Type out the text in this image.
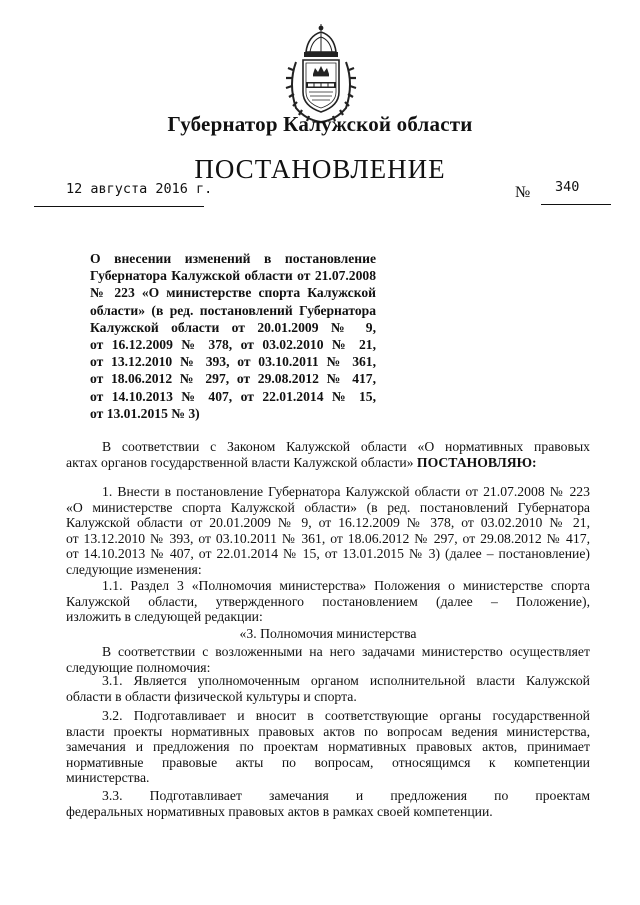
Губернатор Калужской области
ПОСТАНОВЛЕНИЕ
12 августа 2016 г.	№ 340
О внесении изменений в постановление
Губернатора Калужской области от 21.07.2008
№ 223 «О министерстве спорта Калужской
области» (в ред. постановлений Губернатора
Калужской области от 20.01.2009 № 9,
от 16.12.2009 № 378, от 03.02.2010 № 21,
от 13.12.2010 № 393, от 03.10.2011 № 361,
от 18.06.2012 № 297, от 29.08.2012 № 417,
от 14.10.2013 № 407, от 22.01.2014 № 15,
от 13.01.2015 № 3)
В соответствии с Законом Калужской области «О нормативных правовых
актах органов государственной власти Калужской области» ПОСТАНОВЛЯЮ:
1. Внести в постановление Губернатора Калужской области от 21.07.2008 № 223
«О министерстве спорта Калужской области» (в ред. постановлений Губернатора
Калужской области от 20.01.2009 № 9, от 16.12.2009 № 378, от 03.02.2010 № 21,
от 13.12.2010 № 393, от 03.10.2011 № 361, от 18.06.2012 № 297, от 29.08.2012 № 417,
от 14.10.2013 № 407, от 22.01.2014 № 15, от 13.01.2015 № 3) (далее – постановление)
следующие изменения:
1.1. Раздел 3 «Полномочия министерства» Положения о министерстве спорта
Калужской области, утвержденного постановлением (далее – Положение),
изложить в следующей редакции:
«3. Полномочия министерства
В соответствии с возложенными на него задачами министерство осуществляет
следующие полномочия:
3.1. Является уполномоченным органом исполнительной власти Калужской
области в области физической культуры и спорта.
3.2. Подготавливает и вносит в соответствующие органы государственной
власти проекты нормативных правовых актов по вопросам ведения министерства,
замечания и предложения по проектам нормативных правовых актов, принимает
нормативные правовые акты по вопросам, относящимся к компетенции
министерства.
3.3. Подготавливает замечания и предложения по проектам
федеральных нормативных правовых актов в рамках своей компетенции.
